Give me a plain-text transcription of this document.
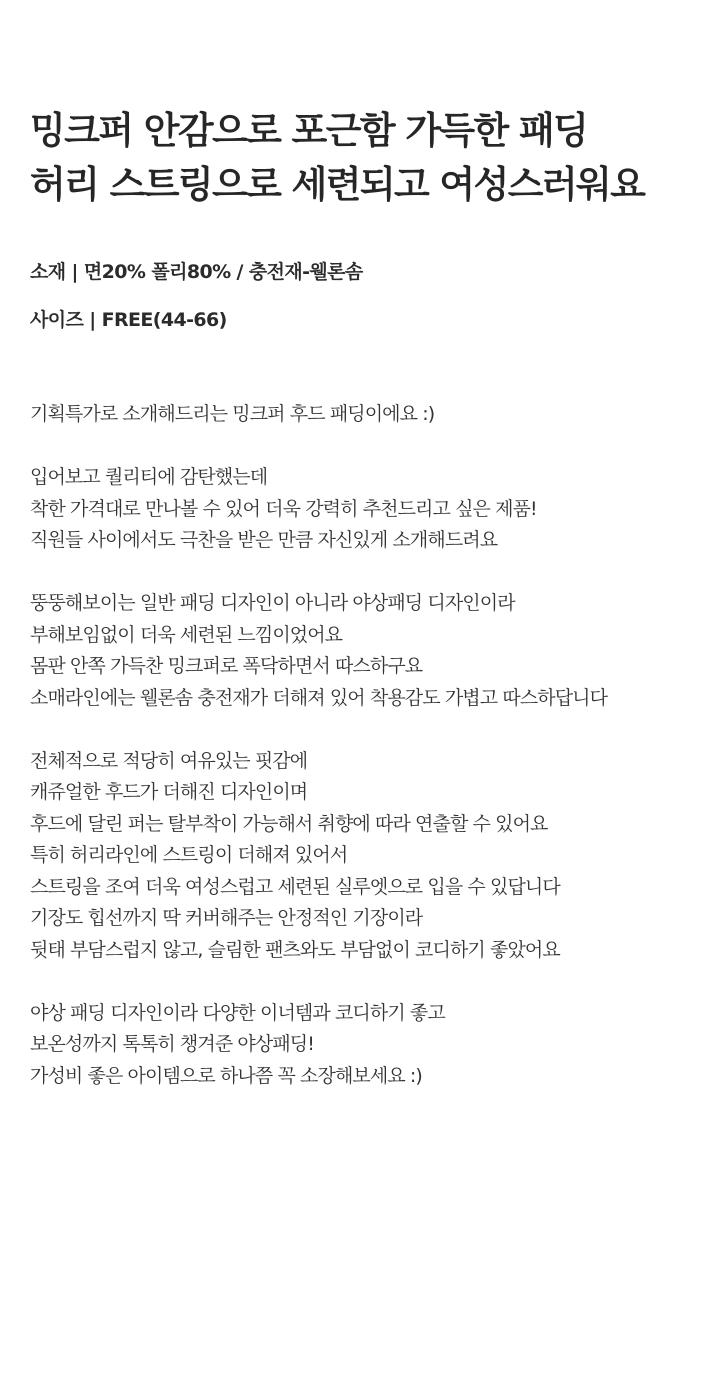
밍크퍼 안감으로 포근함 가득한 패딩
허리 스트링으로 세련되고 여성스러워요
소재 | 면20% 폴리80% / 충전재-웰론솜
사이즈 | FREE(44-66)

기획특가로 소개해드리는 밍크퍼 후드 패딩이에요 :)

입어보고 퀄리티에 감탄했는데
착한 가격대로 만나볼 수 있어 더욱 강력히 추천드리고 싶은 제품!
직원들 사이에서도 극찬을 받은 만큼 자신있게 소개해드려요

뚱뚱해보이는 일반 패딩 디자인이 아니라 야상패딩 디자인이라
부해보임없이 더욱 세련된 느낌이었어요
몸판 안쪽 가득찬 밍크퍼로 폭닥하면서 따스하구요
소매라인에는 웰론솜 충전재가 더해져 있어 착용감도 가볍고 따스하답니다

전체적으로 적당히 여유있는 핏감에
캐쥬얼한 후드가 더해진 디자인이며
후드에 달린 퍼는 탈부착이 가능해서 취향에 따라 연출할 수 있어요
특히 허리라인에 스트링이 더해져 있어서
스트링을 조여 더욱 여성스럽고 세련된 실루엣으로 입을 수 있답니다
기장도 힙선까지 딱 커버해주는 안정적인 기장이라
뒷태 부담스럽지 않고, 슬림한 팬츠와도 부담없이 코디하기 좋았어요

야상 패딩 디자인이라 다양한 이너템과 코디하기 좋고
보온성까지 톡톡히 챙겨준 야상패딩!
가성비 좋은 아이템으로 하나쯤 꼭 소장해보세요 :)
